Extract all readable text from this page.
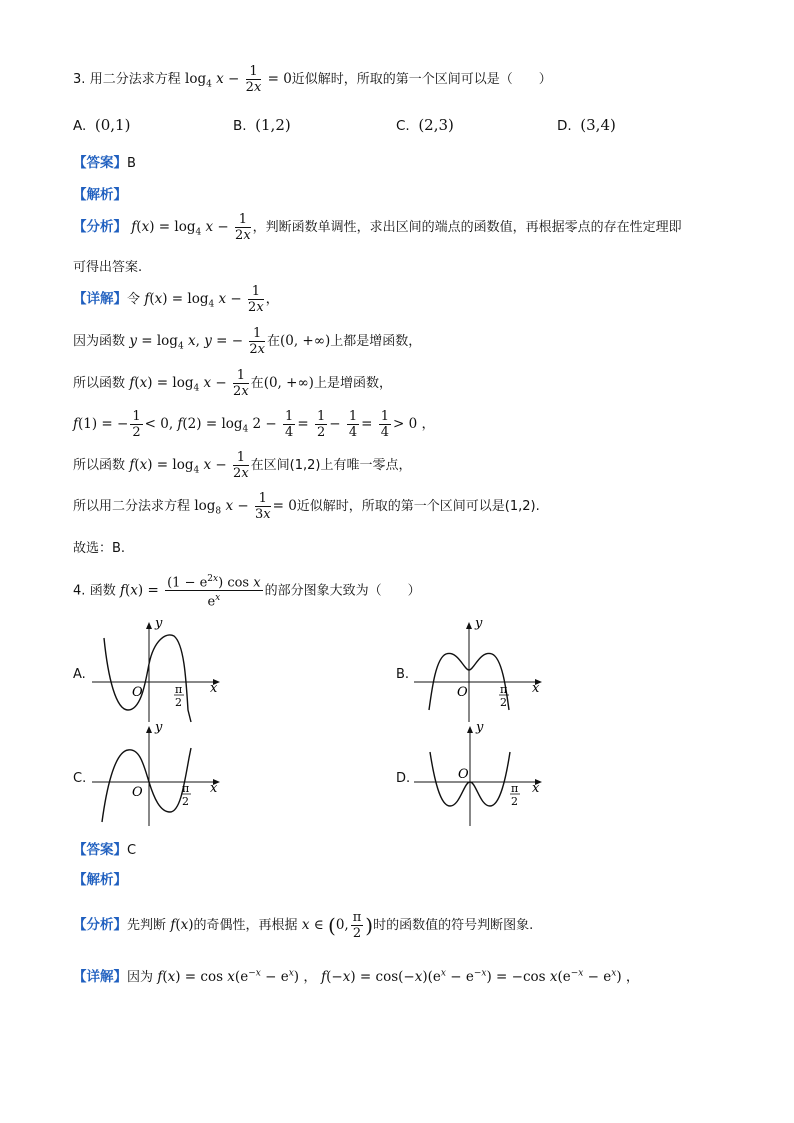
3. 用二分法求方程 $\log_4 x - \frac{1}{2x} = 0$近似解时，所取的第一个区间可以是（　　）
A. (0,1)	B. (1,2)	C. (2,3)	D. (3,4)
【答案】B
【解析】
【分析】 $f(x) = \log_4 x - \frac{1}{2x}$ ，判断函数单调性，求出区间的端点的函数值，再根据零点的存在性定理即
可得出答案.
【详解】令 $f(x) = \log_4 x - \frac{1}{2x}$ ，
因为函数 $y = \log_4 x$, y = − $\frac{1}{2x}$ 在(0, +∞)上都是增函数，
所以函数 $f(x) = \log_4 x - \frac{1}{2x}$ 在(0, +∞)上是增函数，
f(1) = − $\frac{1}{2} < 0$, $f(2) = \log_4 2 - \frac{1}{4} = \frac{1}{2} - \frac{1}{4} = \frac{1}{4} > 0$ ，
所以函数 $f(x) = \log_4 x - \frac{1}{2x}$ 在区间(1,2)上有唯一零点，
所以用二分法求方程 $\log_8 x - \frac{1}{3x} = 0$近似解时，所取的第一个区间可以是(1,2).
故选：B.
4. 函数 $f(x) = \frac{(1 - e^{2x}) \cos x}{e^x}$ 的部分图象大致为（　　）
A.	B.
C.	D.
y
x
O	π
2
y
x
O	π
2
y
x
O	π
2
y
x
O
π
2
【答案】C
【解析】
【分析】先判断 f(x)的奇偶性，再根据 x ∈ (0, $\frac{\pi}{2}$ )时的函数值的符号判断图象.
【详解】因为 $f(x) = \cos x(e^{-x} - e^x)$ ， $f(-x) = \cos(-x)(e^x - e^{-x}) = -\cos$ $x(e^{-x} - e^x)$ ，
